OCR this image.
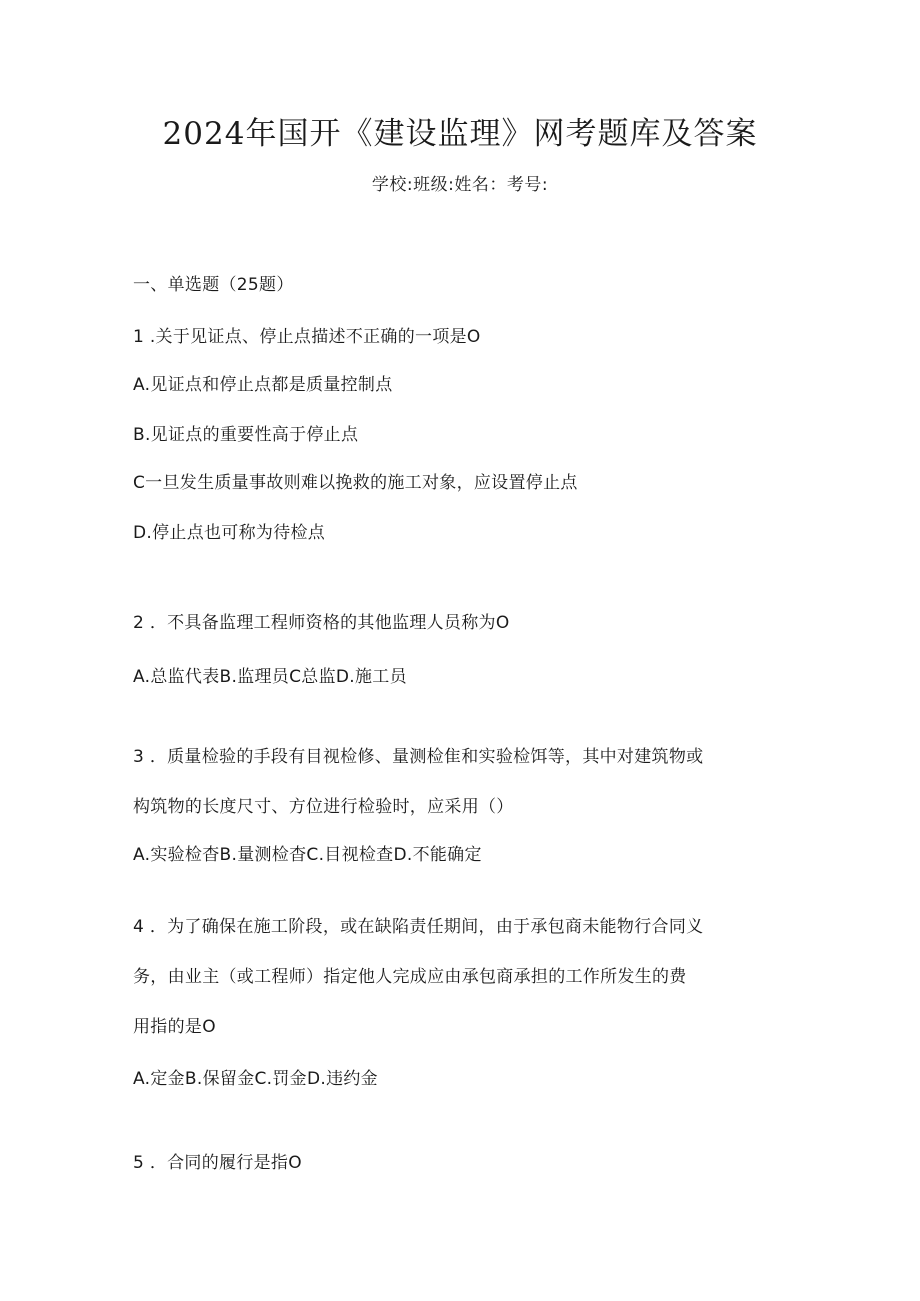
2024年国开《建设监理》网考题库及答案
学校:班级:姓名：考号:
一、单选题（25题）
1 .关于见证点、停止点描述不正确的一项是O
A.见证点和停止点都是质量控制点
B.见证点的重要性高于停止点
C一旦发生质量事故则难以挽救的施工对象，应设置停止点
D.停止点也可称为待检点
2 ．不具备监理工程师资格的其他监理人员称为O
A.总监代表B.监理员C总监D.施工员
3 ．质量检验的手段有目视检修、量测检隹和实验检饵等，其中对建筑物或
构筑物的长度尺寸、方位进行检验时，应采用（）
A.实验检杳B.量测检杳C.目视检查D.不能确定
4 ．为了确保在施工阶段，或在缺陷责任期间，由于承包商未能物行合同义
务，由业主（或工程师）指定他人完成应由承包商承担的工作所发生的费
用指的是O
A.定金B.保留金C.罚金D.违约金
5 ．合同的履行是指O
